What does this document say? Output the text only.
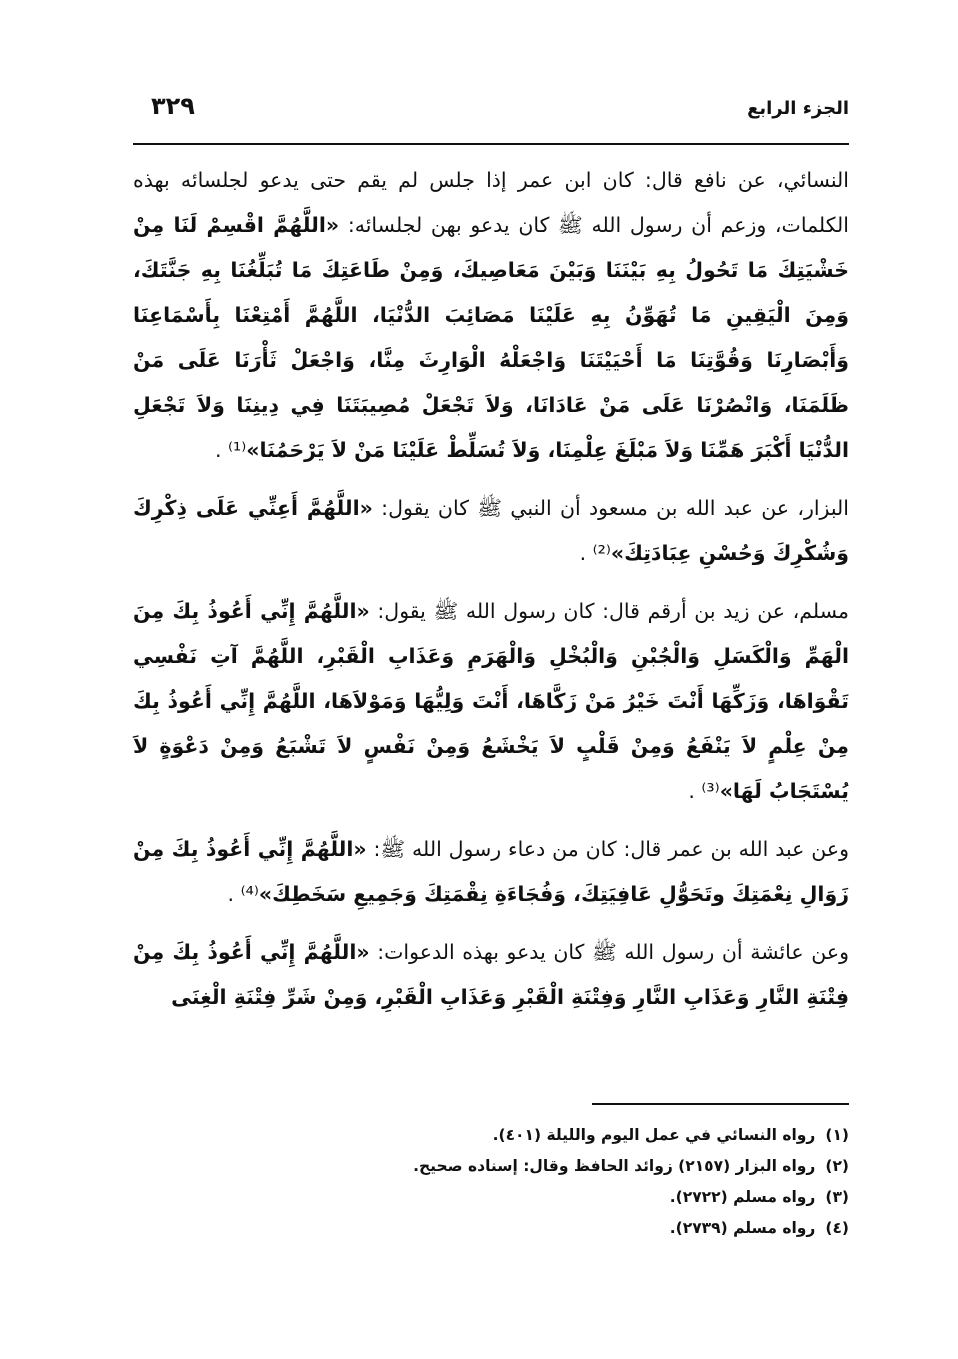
الجزء الرابع
٣٢٩

النسائي، عن نافع قال: كان ابن عمر إذا جلس لم يقم حتى يدعو لجلسائه بهذه الكلمات، وزعم أن رسول الله ﷺ كان يدعو بهن لجلسائه: «اللَّهُمَّ اقْسِمْ لَنَا مِنْ خَشْيَتِكَ مَا تَحُولُ بِهِ بَيْنَنَا وَبَيْنَ مَعَاصِيكَ، وَمِنْ طَاعَتِكَ مَا تُبَلِّغُنَا بِهِ جَنَّتَكَ، وَمِنَ الْيَقِينِ مَا تُهَوِّنُ بِهِ عَلَيْنَا مَصَائِبَ الدُّنْيَا، اللَّهُمَّ أَمْتِعْنَا بِأَسْمَاعِنَا وَأَبْصَارِنَا وَقُوَّتِنَا مَا أَحْيَيْتَنَا وَاجْعَلْهُ الْوَارِثَ مِنَّا، وَاجْعَلْ ثَأْرَنَا عَلَى مَنْ ظَلَمَنَا، وَانْصُرْنَا عَلَى مَنْ عَادَانَا، وَلاَ تَجْعَلْ مُصِيبَتَنَا فِي دِينِنَا وَلاَ تَجْعَلِ الدُّنْيَا أَكْبَرَ هَمِّنَا وَلاَ مَبْلَغَ عِلْمِنَا، وَلاَ تُسَلِّطْ عَلَيْنَا مَنْ لاَ يَرْحَمُنَا»⁽¹⁾ .

البزار، عن عبد الله بن مسعود أن النبي ﷺ كان يقول: «اللَّهُمَّ أَعِنِّي عَلَى ذِكْرِكَ وَشُكْرِكَ وَحُسْنِ عِبَادَتِكَ»⁽²⁾ .

مسلم، عن زيد بن أرقم قال: كان رسول الله ﷺ يقول: «اللَّهُمَّ إِنِّي أَعُوذُ بِكَ مِنَ الْهَمِّ وَالْكَسَلِ وَالْجُبْنِ وَالْبُخْلِ وَالْهَرَمِ وَعَذَابِ الْقَبْرِ، اللَّهُمَّ آتِ نَفْسِي تَقْوَاهَا، وَزَكِّهَا أَنْتَ خَيْرُ مَنْ زَكَّاهَا، أَنْتَ وَلِيُّهَا وَمَوْلاَهَا، اللَّهُمَّ إِنِّي أَعُوذُ بِكَ مِنْ عِلْمٍ لاَ يَنْفَعُ وَمِنْ قَلْبٍ لاَ يَخْشَعُ وَمِنْ نَفْسٍ لاَ تَشْبَعُ وَمِنْ دَعْوَةٍ لاَ يُسْتَجَابُ لَهَا»⁽³⁾ .

وعن عبد الله بن عمر قال: كان من دعاء رسول الله ﷺ: «اللَّهُمَّ إِنِّي أَعُوذُ بِكَ مِنْ زَوَالِ نِعْمَتِكَ وتَحَوُّلِ عَافِيَتِكَ، وَفُجَاءَةِ نِقْمَتِكَ وَجَمِيعِ سَخَطِكَ»⁽⁴⁾ .

وعن عائشة أن رسول الله ﷺ كان يدعو بهذه الدعوات: «اللَّهُمَّ إِنِّي أَعُوذُ بِكَ مِنْ فِتْنَةِ النَّارِ وَعَذَابِ النَّارِ وَفِتْنَةِ الْقَبْرِ وَعَذَابِ الْقَبْرِ، وَمِنْ شَرِّ فِتْنَةِ الْغِنَى

(١)رواه النسائي في عمل اليوم والليلة (٤٠١).
(٢)رواه البزار (٢١٥٧) زوائد الحافظ وقال: إسناده صحيح.
(٣)رواه مسلم (٢٧٢٢).
(٤)رواه مسلم (٢٧٣٩).
